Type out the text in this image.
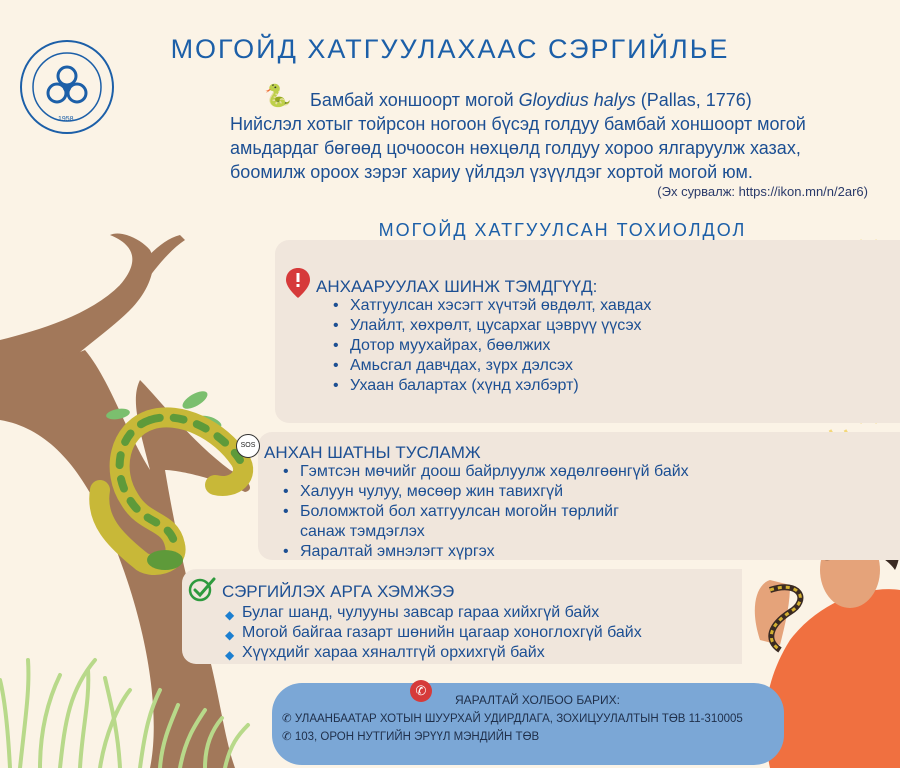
1958
МОГОЙД ХАТГУУЛАХААС СЭРГИЙЛЬЕ
🐍 Бамбай хоншоорт могой Gloydius halys (Pallas, 1776)
Нийслэл хотыг тойрсон ногоон бүсэд голдуу бамбай хоншоорт могой
амьдардаг бөгөөд цочоосон нөхцөлд голдуу хороо ялгаруулж хазах,
боомилж ороох зэрэг хариу үйлдэл үзүүлдэг хортой могой юм.
(Эх сурвалж: https://ikon.mn/n/2ar6)
МОГОЙД ХАТГУУЛСАН ТОХИОЛДОЛ
АНХААРУУЛАХ ШИНЖ ТЭМДГҮҮД:
• Хатгуулсан хэсэгт хүчтэй өвдөлт, хавдах
• Улайлт, хөхрөлт, цусархаг цэврүү үүсэх
• Дотор муухайрах, бөөлжих
• Амьсгал давчдах, зүрх дэлсэх
• Ухаан балартах (хүнд хэлбэрт)
SOS АНХАН ШАТНЫ ТУСЛАМЖ
• Гэмтсэн мөчийг доош байрлуулж хөдөлгөөнгүй байх
• Халуун чулуу, мөсөөр жин тавихгүй
• Боломжтой бол хатгуулсан могойн төрлийг санаж тэмдэглэх
• Яаралтай эмнэлэгт хүргэх
СЭРГИЙЛЭХ АРГА ХЭМЖЭЭ
◆ Булаг шанд, чулууны завсар гараа хийхгүй байх
◆ Могой байгаа газарт шөнийн цагаар хоноглохгүй байх
◆ Хүүхдийг хараа хяналтгүй орхихгүй байх
✆
ЯАРАЛТАЙ ХОЛБОО БАРИХ:
✆ УЛААНБААТАР ХОТЫН ШУУРХАЙ УДИРДЛАГА, ЗОХИЦУУЛАЛТЫН ТӨВ 11-310005
✆ 103, ОРОН НУТГИЙН ЭРҮҮЛ МЭНДИЙН ТӨВ
